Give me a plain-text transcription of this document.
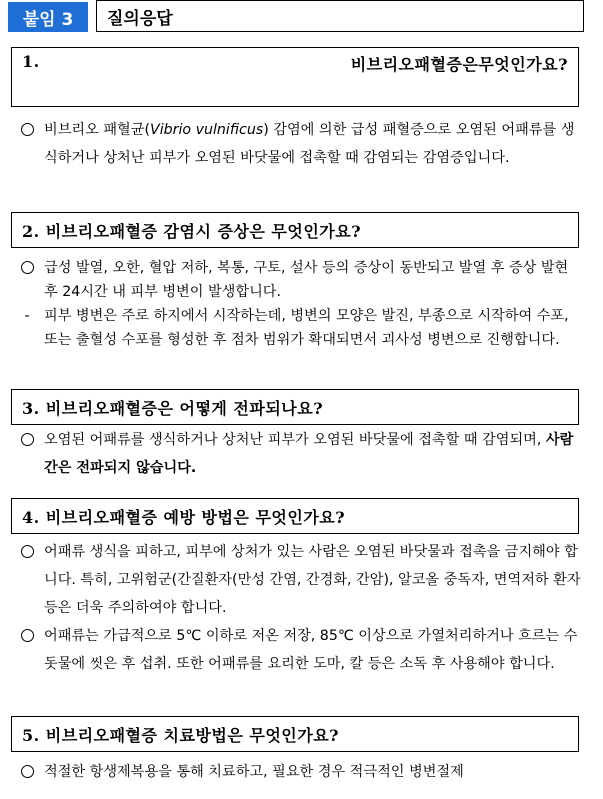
붙임 3	질의응답
1.	비브리오패혈증은무엇인가요?
비브리오 패혈균(Vibrio vulnificus) 감염에 의한 급성 패혈증으로 오염된 어패류를 생식하거나 상처난 피부가 오염된 바닷물에 접촉할 때 감염되는 감염증입니다.
2. 비브리오패혈증 감염시 증상은 무엇인가요?
급성 발열, 오한, 혈압 저하, 복통, 구토, 설사 등의 증상이 동반되고 발열 후 증상 발현 후 24시간 내 피부 병변이 발생합니다.
-	피부 병변은 주로 하지에서 시작하는데, 병변의 모양은 발진, 부종으로 시작하여 수포, 또는 출혈성 수포를 형성한 후 점차 범위가 확대되면서 괴사성 병변으로 진행합니다.
3. 비브리오패혈증은 어떻게 전파되나요?
오염된 어패류를 생식하거나 상처난 피부가 오염된 바닷물에 접촉할 때 감염되며, 사람 간은 전파되지 않습니다.
4. 비브리오패혈증 예방 방법은 무엇인가요?
어패류 생식을 피하고, 피부에 상처가 있는 사람은 오염된 바닷물과 접촉을 금지해야 합니다. 특히, 고위험군(간질환자(만성 간염, 간경화, 간암), 알코올 중독자, 면역저하 환자 등은 더욱 주의하여야 합니다.
어패류는 가급적으로 5℃ 이하로 저온 저장, 85℃ 이상으로 가열처리하거나 흐르는 수돗물에 씻은 후 섭취. 또한 어패류를 요리한 도마, 칼 등은 소독 후 사용해야 합니다.
5. 비브리오패혈증 치료방법은 무엇인가요?
적절한 항생제복용을 통해 치료하고, 필요한 경우 적극적인 병변절제
